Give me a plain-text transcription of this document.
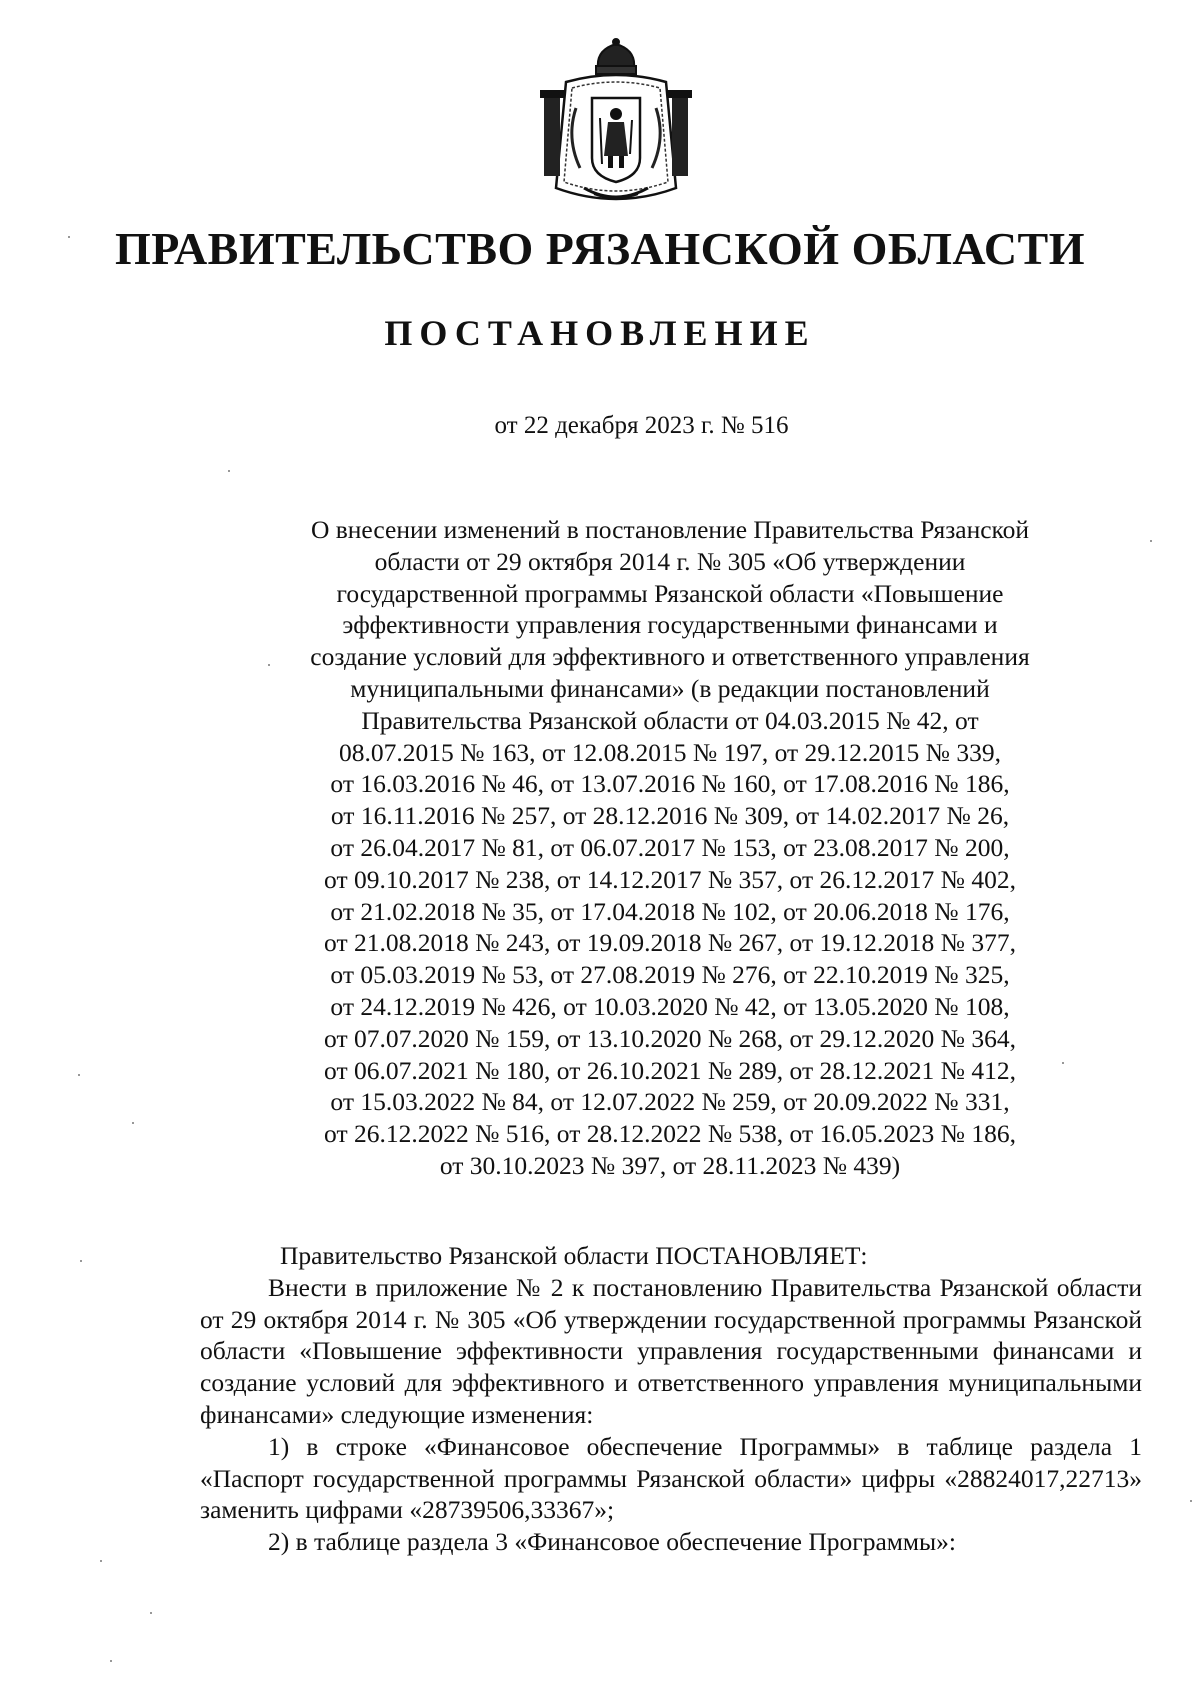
ПРАВИТЕЛЬСТВО РЯЗАНСКОЙ ОБЛАСТИ
ПОСТАНОВЛЕНИЕ
от 22 декабря 2023 г. № 516
О внесении изменений в постановление Правительства Рязанской
области от 29 октября 2014 г. № 305 «Об утверждении
государственной программы Рязанской области «Повышение
эффективности управления государственными финансами и
создание условий для эффективного и ответственного управления
муниципальными финансами» (в редакции постановлений
Правительства Рязанской области от 04.03.2015 № 42, от
08.07.2015 № 163, от 12.08.2015 № 197, от 29.12.2015 № 339,
от 16.03.2016 № 46, от 13.07.2016 № 160, от 17.08.2016 № 186,
от 16.11.2016 № 257, от 28.12.2016 № 309, от 14.02.2017 № 26,
от 26.04.2017 № 81, от 06.07.2017 № 153, от 23.08.2017 № 200,
от 09.10.2017 № 238, от 14.12.2017 № 357, от 26.12.2017 № 402,
от 21.02.2018 № 35, от 17.04.2018 № 102, от 20.06.2018 № 176,
от 21.08.2018 № 243, от 19.09.2018 № 267, от 19.12.2018 № 377,
от 05.03.2019 № 53, от 27.08.2019 № 276, от 22.10.2019 № 325,
от 24.12.2019 № 426, от 10.03.2020 № 42, от 13.05.2020 № 108,
от 07.07.2020 № 159, от 13.10.2020 № 268, от 29.12.2020 № 364,
от 06.07.2021 № 180, от 26.10.2021 № 289, от 28.12.2021 № 412,
от 15.03.2022 № 84, от 12.07.2022 № 259, от 20.09.2022 № 331,
от 26.12.2022 № 516, от 28.12.2022 № 538, от 16.05.2023 № 186,
от 30.10.2023 № 397, от 28.11.2023 № 439)
Правительство Рязанской области ПОСТАНОВЛЯЕТ:
Внести в приложение № 2 к постановлению Правительства Рязанской области от 29 октября 2014 г. № 305 «Об утверждении государственной программы Рязанской области «Повышение эффективности управления государственными финансами и создание условий для эффективного и ответственного управления муниципальными финансами» следующие изменения:
1) в строке «Финансовое обеспечение Программы» в таблице раздела 1 «Паспорт государственной программы Рязанской области» цифры «28824017,22713» заменить цифрами «28739506,33367»;
2) в таблице раздела 3 «Финансовое обеспечение Программы»:
